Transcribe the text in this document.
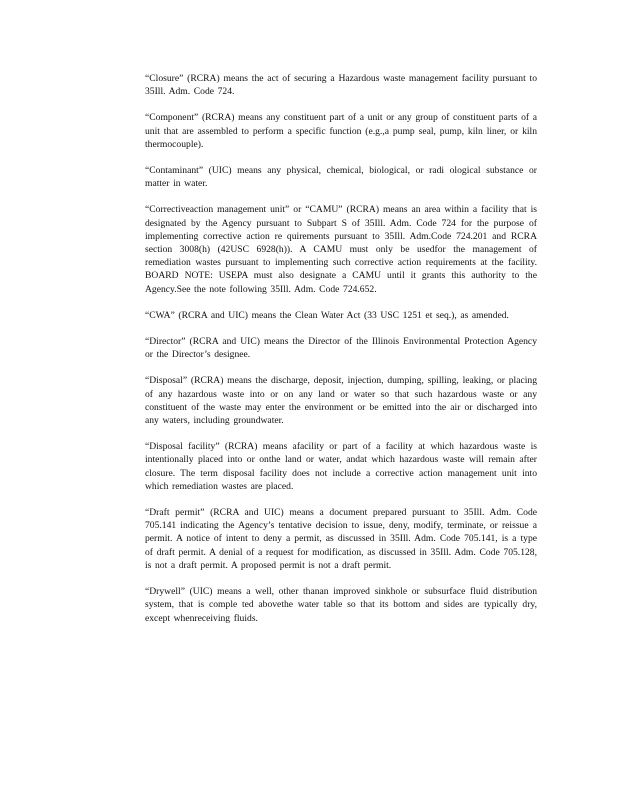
“Closure” (RCRA) means the act of securing a Hazardous waste management facility pursuant to 35Ill. Adm. Code 724.

“Component” (RCRA) means any constituent part of a unit or any group of constituent parts of a unit that are assembled to perform a specific function (e.g.,a pump seal, pump, kiln liner, or kiln thermocouple).

“Contaminant” (UIC) means any physical, chemical, biological, or radi ological substance or matter in water.

“Correctiveaction management unit” or “CAMU” (RCRA) means an area within a facility that is designated by the Agency pursuant to Subpart S of 35Ill. Adm. Code 724 for the purpose of implementing corrective action re quirements pursuant to 35Ill. Adm.Code 724.201 and RCRA section 3008(h) (42USC 6928(h)). A CAMU must only be usedfor the management of remediation wastes pursuant to implementing such corrective action requirements at the facility. BOARD NOTE: USEPA must also designate a CAMU until it grants this authority to the Agency.See the note following 35Ill. Adm. Code 724.652.

“CWA” (RCRA and UIC) means the Clean Water Act (33 USC 1251 et seq.), as amended.

“Director” (RCRA and UIC) means the Director of the Illinois Environmental Protection Agency or the Director’s designee.

“Disposal” (RCRA) means the discharge, deposit, injection, dumping, spilling, leaking, or placing of any hazardous waste into or on any land or water so that such hazardous waste or any constituent of the waste may enter the environment or be emitted into the air or discharged into any waters, including groundwater.

“Disposal facility” (RCRA) means afacility or part of a facility at which hazardous waste is intentionally placed into or onthe land or water, andat which hazardous waste will remain after closure. The term disposal facility does not include a corrective action management unit into which remediation wastes are placed.

“Draft permit” (RCRA and UIC) means a document prepared pursuant to 35Ill. Adm. Code 705.141 indicating the Agency’s tentative decision to issue, deny, modify, terminate, or reissue a permit. A notice of intent to deny a permit, as discussed in 35Ill. Adm. Code 705.141, is a type of draft permit. A denial of a request for modification, as discussed in 35Ill. Adm. Code 705.128, is not a draft permit. A proposed permit is not a draft permit.

“Drywell” (UIC) means a well, other thanan improved sinkhole or subsurface fluid distribution system, that is comple ted abovethe water table so that its bottom and sides are typically dry, except whenreceiving fluids.
